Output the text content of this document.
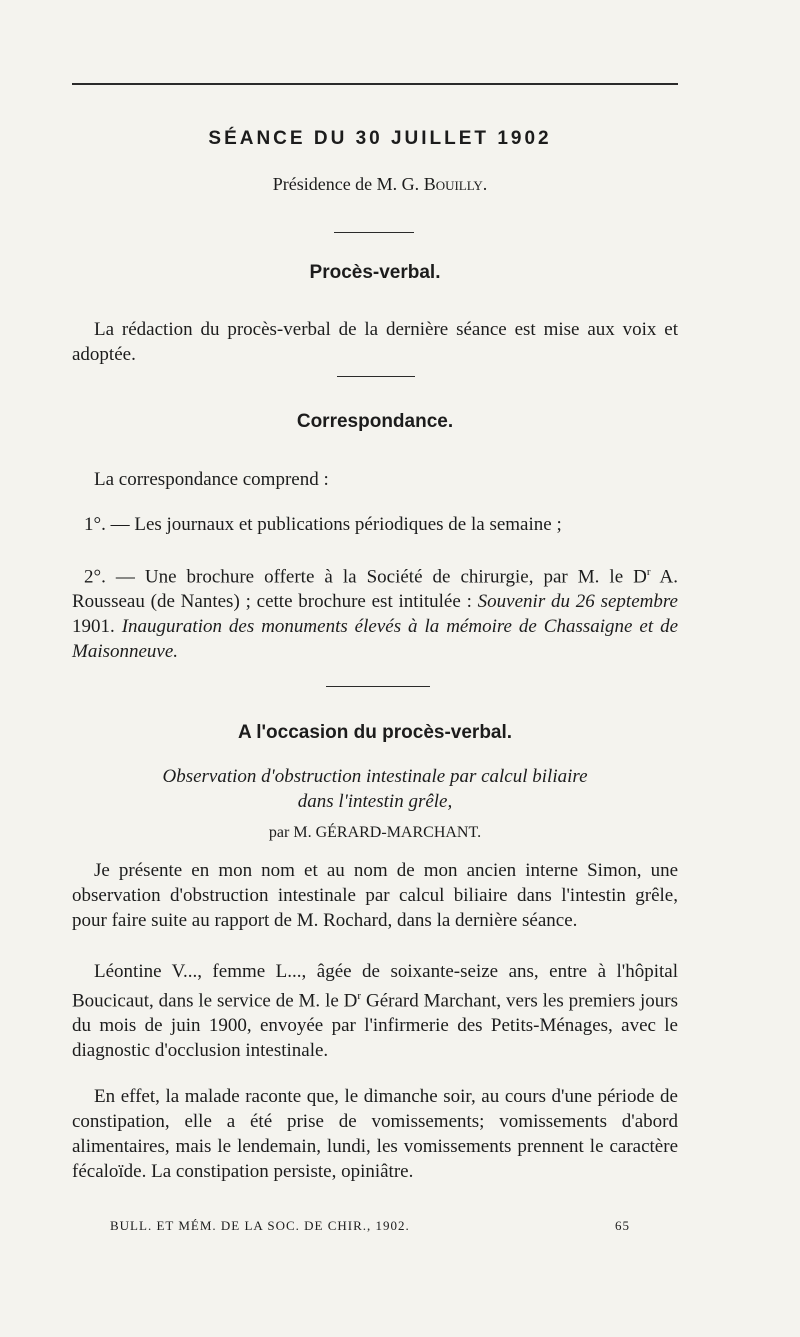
SÉANCE DU 30 JUILLET 1902
Présidence de M. G. Bouilly.
Procès-verbal.
La rédaction du procès-verbal de la dernière séance est mise aux voix et adoptée.
Correspondance.
La correspondance comprend :
1°. — Les journaux et publications périodiques de la semaine ;
2°. — Une brochure offerte à la Société de chirurgie, par M. le $D^r$ A. Rousseau (de Nantes) ; cette brochure est intitulée : Souvenir du 26 septembre 1901. Inauguration des monuments élevés à la mémoire de Chassaigne et de Maisonneuve.
A l'occasion du procès-verbal.
Observation d'obstruction intestinale par calcul biliaire
dans l'intestin grêle,
par M. GÉRARD-MARCHANT.
Je présente en mon nom et au nom de mon ancien interne Simon, une observation d'obstruction intestinale par calcul biliaire dans l'intestin grêle, pour faire suite au rapport de M. Rochard, dans la dernière séance.
Léontine V..., femme L..., âgée de soixante-seize ans, entre à l'hôpital Boucicaut, dans le service de M. le $D^r$ Gérard Marchant, vers les premiers jours du mois de juin 1900, envoyée par l'infirmerie des Petits-Ménages, avec le diagnostic d'occlusion intestinale.
En effet, la malade raconte que, le dimanche soir, au cours d'une période de constipation, elle a été prise de vomissements; vomissements d'abord alimentaires, mais le lendemain, lundi, les vomissements prennent le caractère fécaloïde. La constipation persiste, opiniâtre.
BULL. ET MÉM. DE LA SOC. DE CHIR., 1902.	65
